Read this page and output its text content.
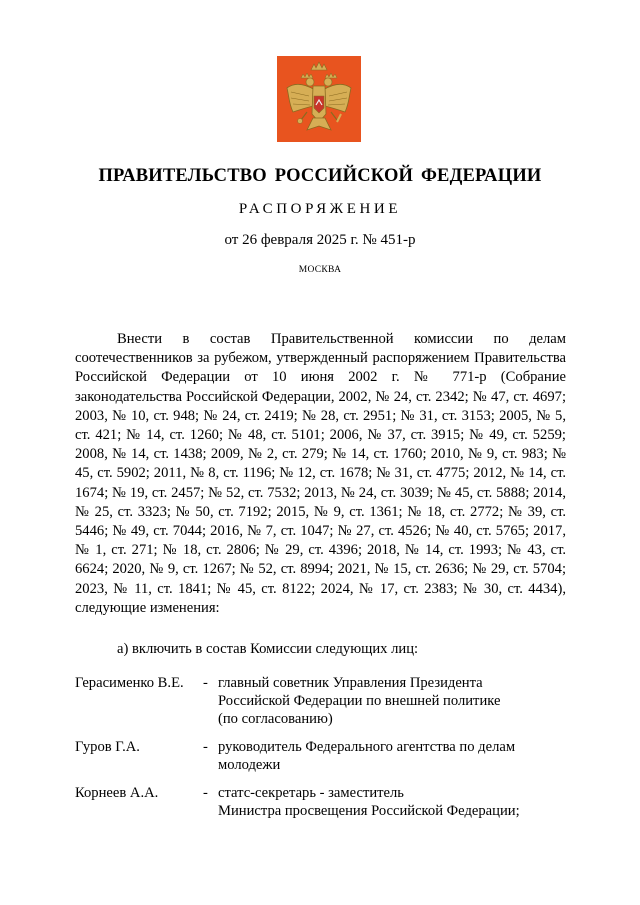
ПРАВИТЕЛЬСТВО РОССИЙСКОЙ ФЕДЕРАЦИИ
РАСПОРЯЖЕНИЕ
от 26 февраля 2025 г. № 451-р
МОСКВА

Внести в состав Правительственной комиссии по делам соотечественников за рубежом, утвержденный распоряжением Правительства Российской Федерации от 10 июня 2002 г. № 771-р (Собрание законодательства Российской Федерации, 2002, № 24, ст. 2342; № 47, ст. 4697; 2003, № 10, ст. 948; № 24, ст. 2419; № 28, ст. 2951; № 31, ст. 3153; 2005, № 5, ст. 421; № 14, ст. 1260; № 48, ст. 5101; 2006, № 37, ст. 3915; № 49, ст. 5259; 2008, № 14, ст. 1438; 2009, № 2, ст. 279; № 14, ст. 1760; 2010, № 9, ст. 983; № 45, ст. 5902; 2011, № 8, ст. 1196; № 12, ст. 1678; № 31, ст. 4775; 2012, № 14, ст. 1674; № 19, ст. 2457; № 52, ст. 7532; 2013, № 24, ст. 3039; № 45, ст. 5888; 2014, № 25, ст. 3323; № 50, ст. 7192; 2015, № 9, ст. 1361; № 18, ст. 2772; № 39, ст. 5446; № 49, ст. 7044; 2016, № 7, ст. 1047; № 27, ст. 4526; № 40, ст. 5765; 2017, № 1, ст. 271; № 18, ст. 2806; № 29, ст. 4396; 2018, № 14, ст. 1993; № 43, ст. 6624; 2020, № 9, ст. 1267; № 52, ст. 8994; 2021, № 15, ст. 2636; № 29, ст. 5704; 2023, № 11, ст. 1841; № 45, ст. 8122; 2024, № 17, ст. 2383; № 30, ст. 4434), следующие изменения:

а) включить в состав Комиссии следующих лиц:
Герасименко В.Е.	- главный советник Управления Президента
Российской Федерации по внешней политике
(по согласованию)
Гуров Г.А.	- руководитель Федерального агентства по делам
молодежи
Корнеев А.А.	- статс-секретарь - заместитель
Министра просвещения Российской Федерации;
